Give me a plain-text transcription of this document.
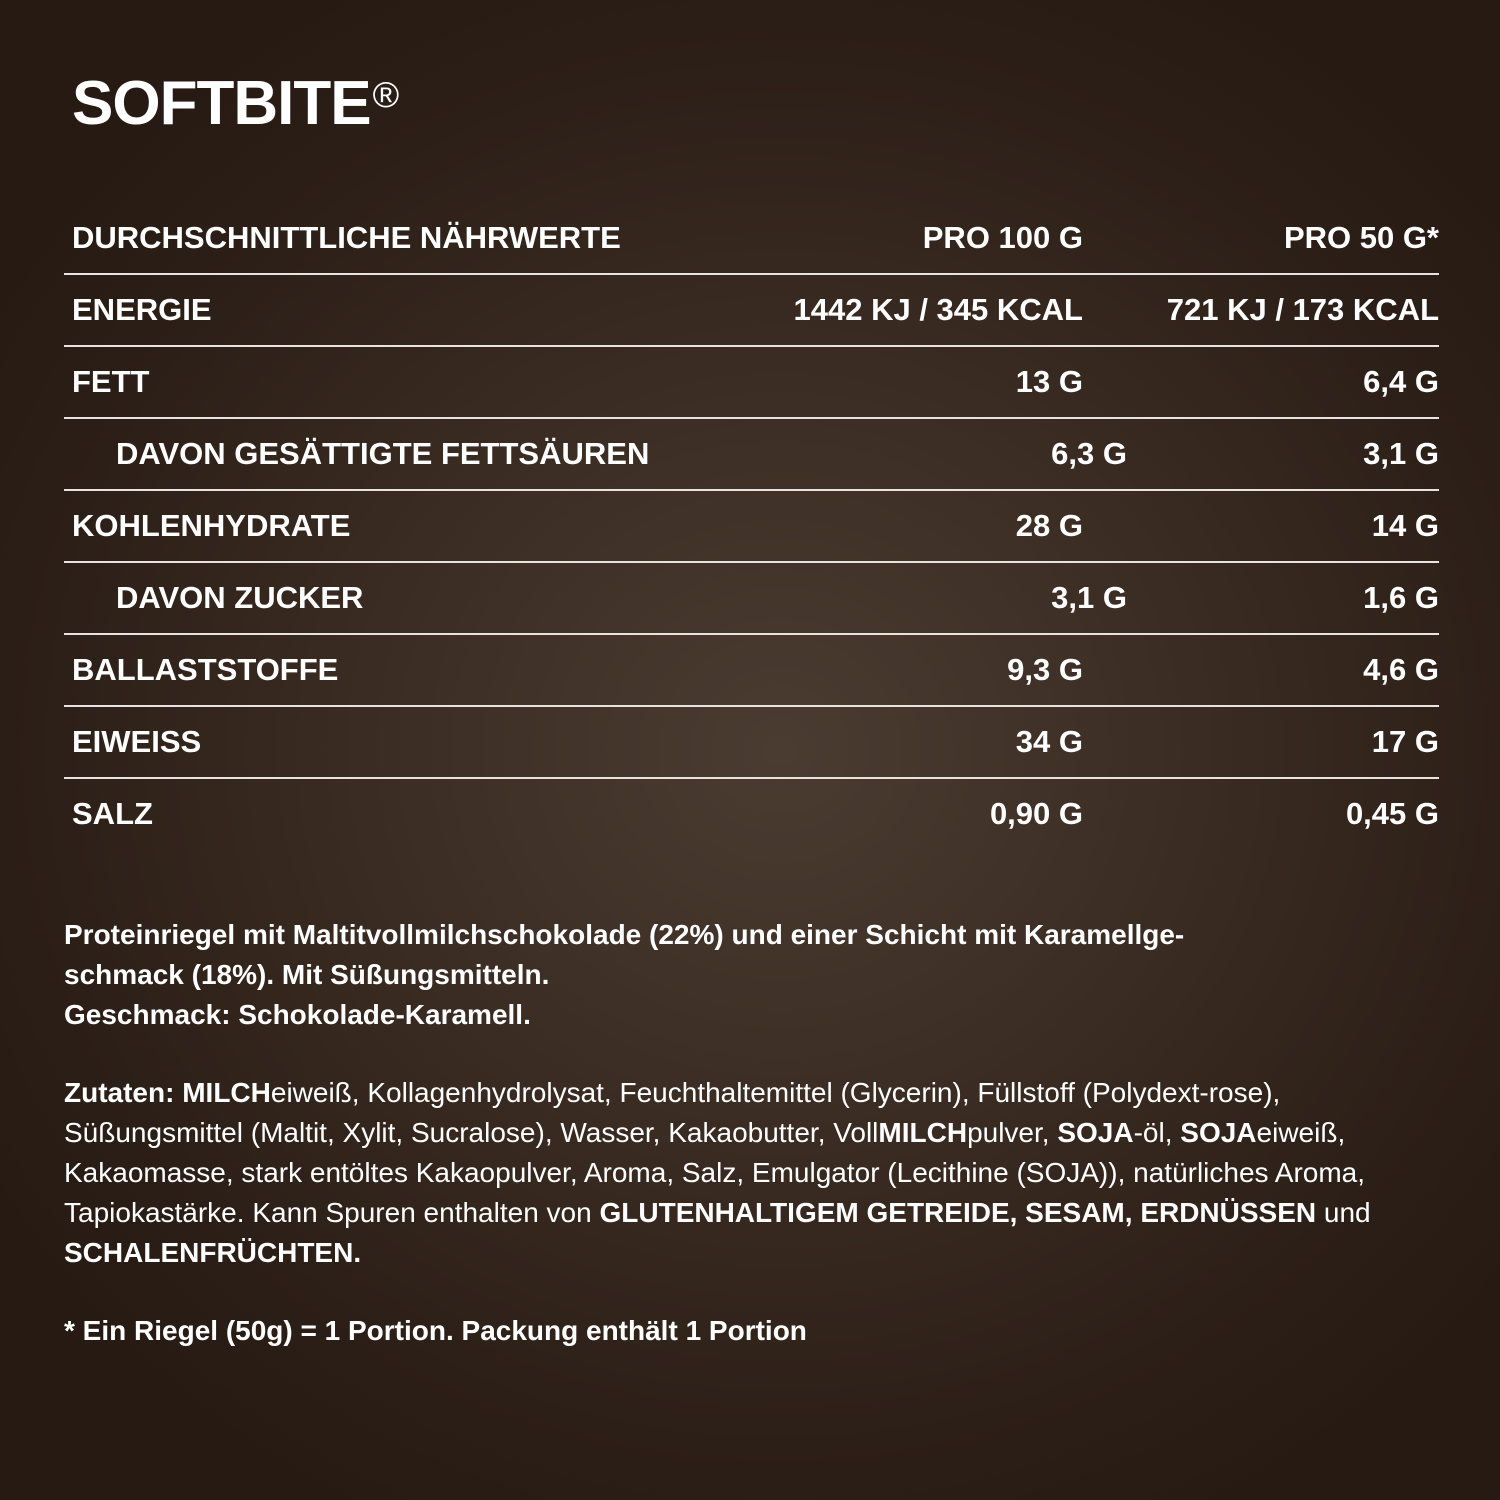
SOFTBITE®
DURCHSCHNITTLICHE NÄHRWERTE	PRO 100 G	PRO 50 G*
ENERGIE	1442 KJ / 345 KCAL	721 KJ / 173 KCAL
FETT	13 G	6,4 G
DAVON GESÄTTIGTE FETTSÄUREN	6,3 G	3,1 G
KOHLENHYDRATE	28 G	14 G
DAVON ZUCKER	3,1 G	1,6 G
BALLASTSTOFFE	9,3 G	4,6 G
EIWEISS	34 G	17 G
SALZ	0,90 G	0,45 G

Proteinriegel mit Maltitvollmilchschokolade (22%) und einer Schicht mit Karamellge-

schmack (18%). Mit Süßungsmitteln.

Geschmack: Schokolade-Karamell.

Zutaten: MILCHeiweiß, Kollagenhydrolysat, Feuchthaltemittel (Glycerin), Füllstoff (Polydext-rose), Süßungsmittel (Maltit, Xylit, Sucralose), Wasser, Kakaobutter, VollMILCHpulver, SOJA-öl, SOJAeiweiß, Kakaomasse, stark entöltes Kakaopulver, Aroma, Salz, Emulgator (Lecithine (SOJA)), natürliches Aroma, Tapiokastärke. Kann Spuren enthalten von GLUTENHALTIGEM GETREIDE, SESAM, ERDNÜSSEN und SCHALENFRÜCHTEN.
* Ein Riegel (50g) = 1 Portion. Packung enthält 1 Portion
